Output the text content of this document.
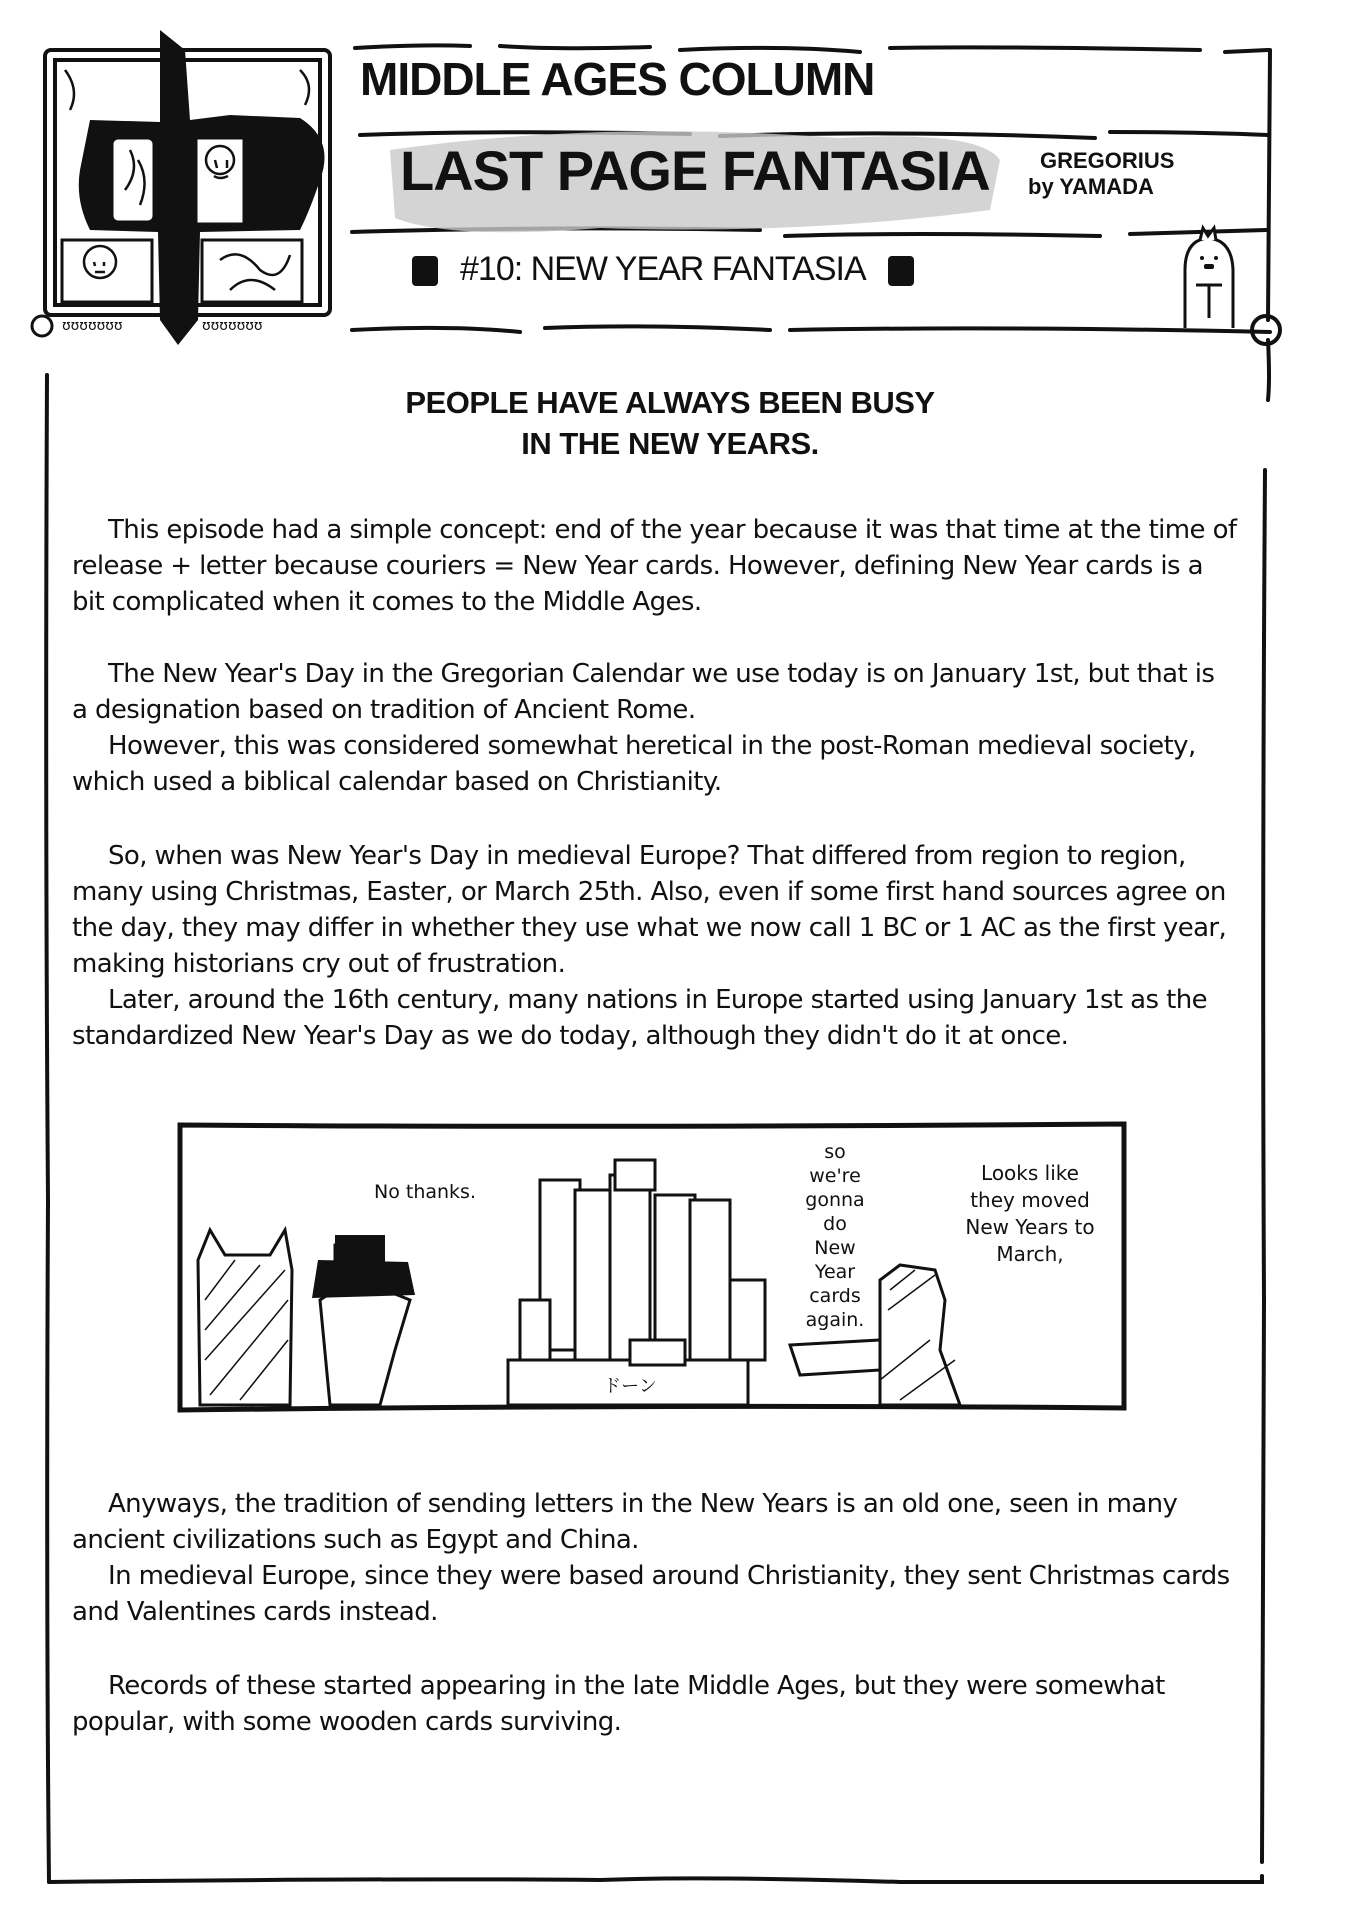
ʊʊʊʊʊʊʊ	ʊʊʊʊʊʊʊ
MIDDLE AGES COLUMN
LAST PAGE FANTASIA GREGORIUS
by YAMADA
#10: NEW YEAR FANTASIA
PEOPLE HAVE ALWAYS BEEN BUSY
IN THE NEW YEARS.

This episode had a simple concept: end of the year because it was that time at the time of release + letter because couriers = New Year cards. However, defining New Year cards is a bit complicated when it comes to the Middle Ages.

The New Year's Day in the Gregorian Calendar we use today is on January 1st, but that is a designation based on tradition of Ancient Rome.

However, this was considered somewhat heretical in the post-Roman medieval society, which used a biblical calendar based on Christianity.

So, when was New Year's Day in medieval Europe? That differed from region to region, many using Christmas, Easter, or March 25th. Also, even if some first hand sources agree on the day, they may differ in whether they use what we now call 1 BC or 1 AC as the first year, making historians cry out of frustration.

Later, around the 16th century, many nations in Europe started using January 1st as the standardized New Year's Day as we do today, although they didn't do it at once.

No thanks.
so we're gonna do New Year cards again.
Looks like they moved New Years to March,
ドーン

Anyways, the tradition of sending letters in the New Years is an old one, seen in many ancient civilizations such as Egypt and China.

In medieval Europe, since they were based around Christianity, they sent Christmas cards and Valentines cards instead.

Records of these started appearing in the late Middle Ages, but they were somewhat popular, with some wooden cards surviving.
